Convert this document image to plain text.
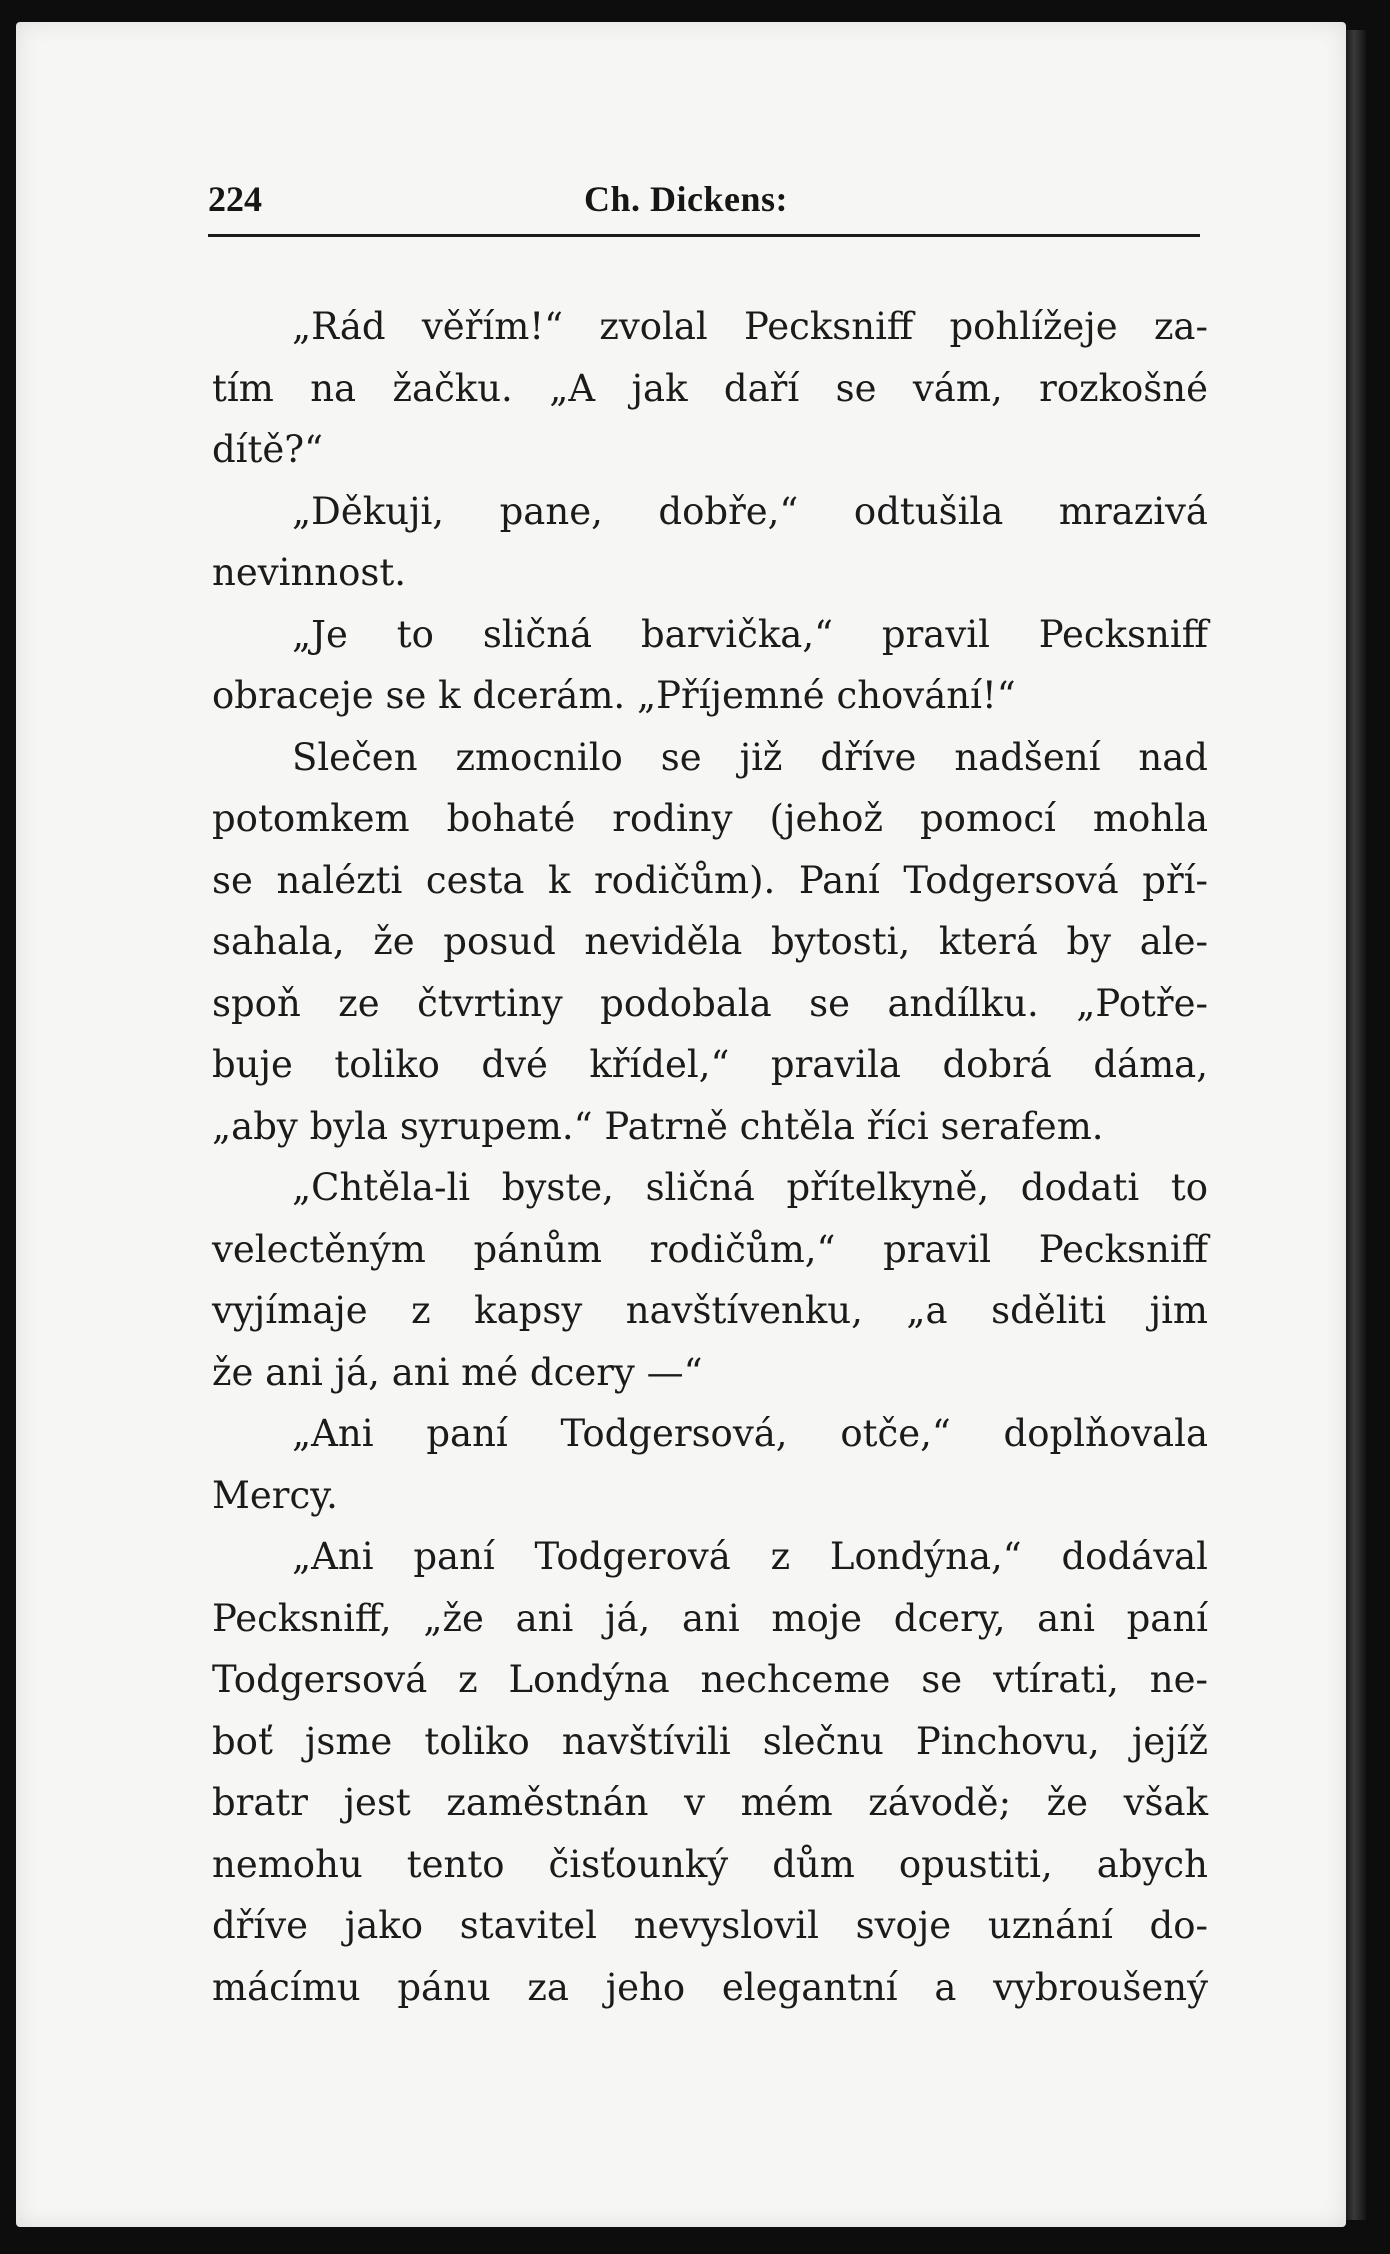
224	Ch. Dickens:
„Rád věřím!“ zvolal Pecksniff pohlížeje za-
tím na žačku. „A jak daří se vám, rozkošné
dítě?“
„Děkuji, pane, dobře,“ odtušila mrazivá
nevinnost.
„Je to sličná barvička,“ pravil Pecksniff
obraceje se k dcerám. „Příjemné chování!“
Slečen zmocnilo se již dříve nadšení nad
potomkem bohaté rodiny (jehož pomocí mohla
se nalézti cesta k rodičům). Paní Todgersová pří-
sahala, že posud neviděla bytosti, která by ale-
spoň ze čtvrtiny podobala se andílku. „Potře-
buje toliko dvé křídel,“ pravila dobrá dáma,
„aby byla syrupem.“ Patrně chtěla říci serafem.
„Chtěla-li byste, sličná přítelkyně, dodati to
velectěným pánům rodičům,“ pravil Pecksniff
vyjímaje z kapsy navštívenku, „a sděliti jim
že ani já, ani mé dcery —“
„Ani paní Todgersová, otče,“ doplňovala
Mercy.
„Ani paní Todgerová z Londýna,“ dodával
Pecksniff, „že ani já, ani moje dcery, ani paní
Todgersová z Londýna nechceme se vtírati, ne-
boť jsme toliko navštívili slečnu Pinchovu, jejíž
bratr jest zaměstnán v mém závodě; že však
nemohu tento čisťounký dům opustiti, abych
dříve jako stavitel nevyslovil svoje uznání do-
mácímu pánu za jeho elegantní a vybroušený
